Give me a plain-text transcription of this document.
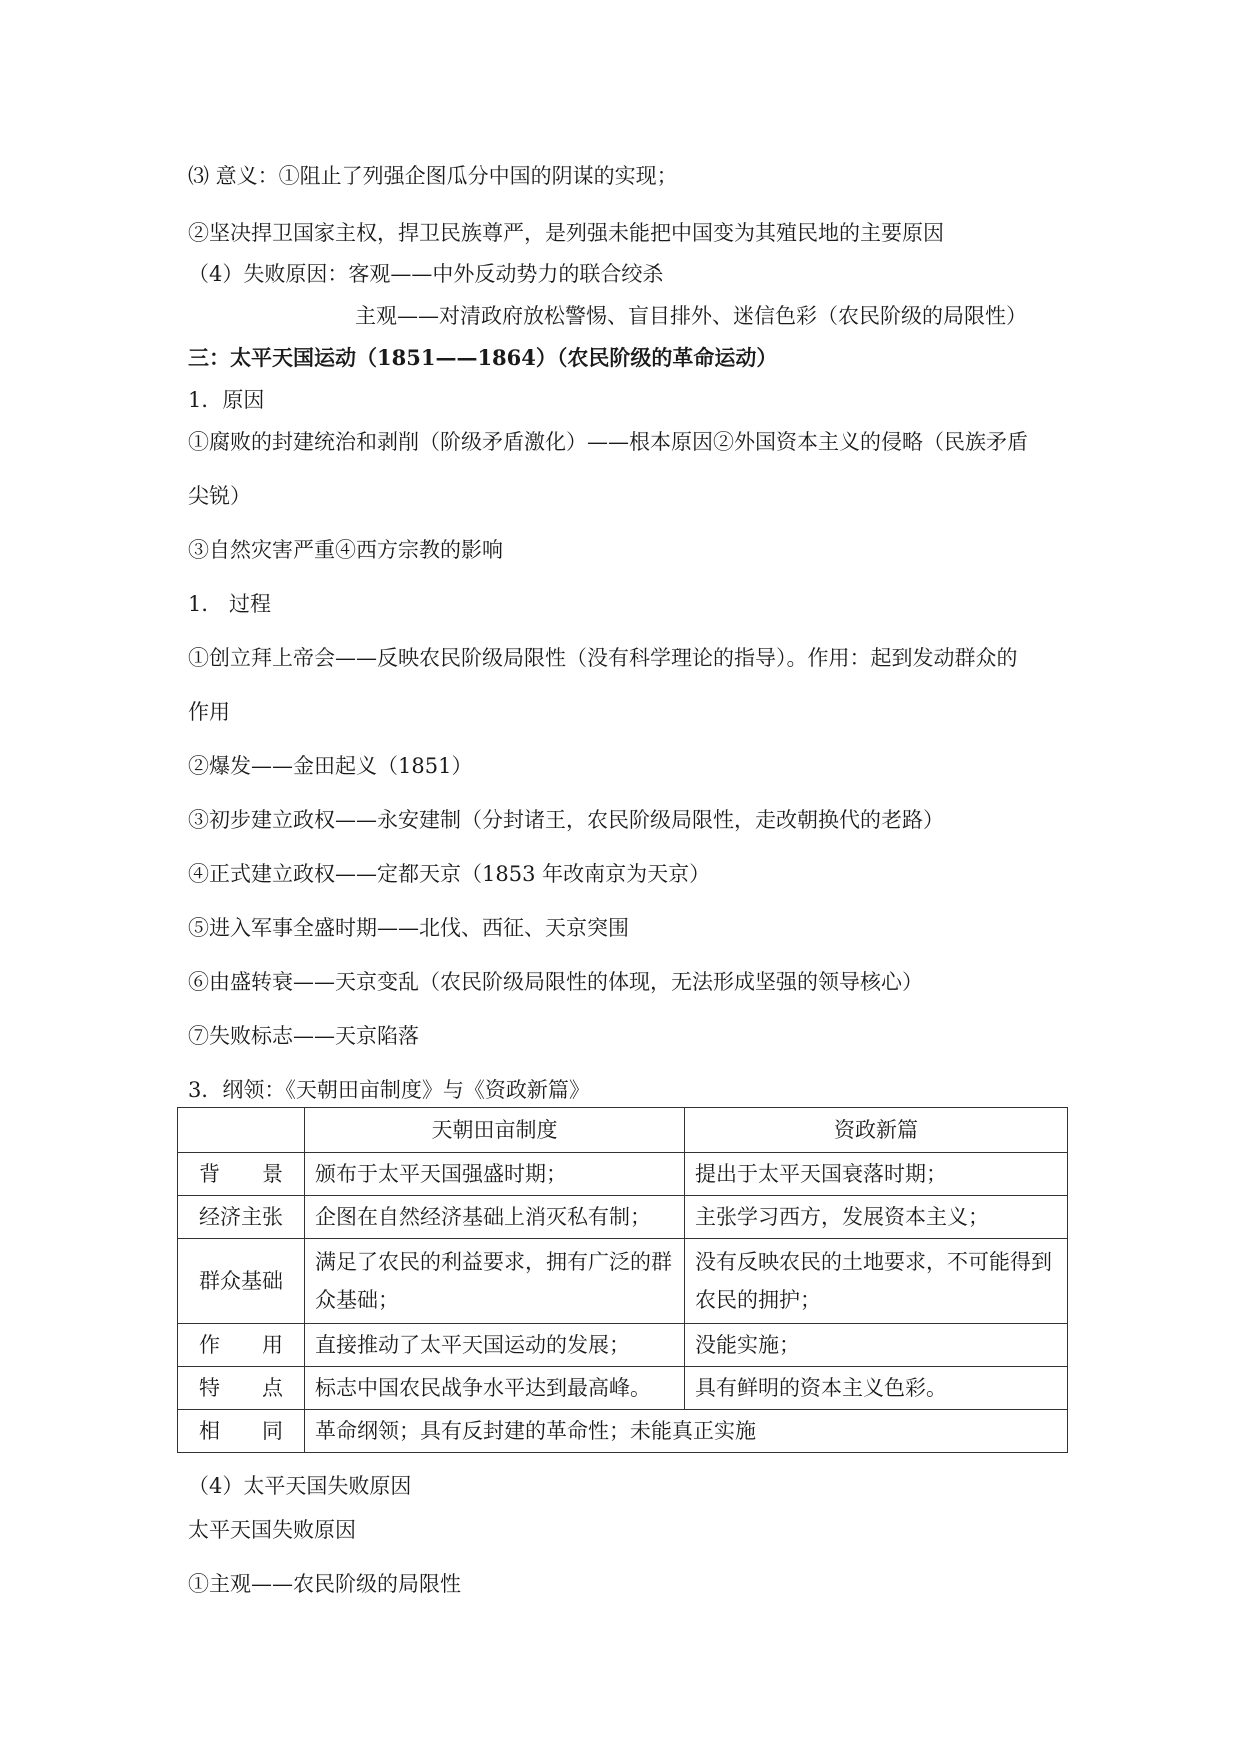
⑶ 意义：①阻止了列强企图瓜分中国的阴谋的实现；

②坚决捍卫国家主权，捍卫民族尊严，是列强未能把中国变为其殖民地的主要原因

（4）失败原因：客观——中外反动势力的联合绞杀

主观——对清政府放松警惕、盲目排外、迷信色彩（农民阶级的局限性）

三：太平天国运动（1851——1864）（农民阶级的革命运动）

1．原因

①腐败的封建统治和剥削（阶级矛盾激化）——根本原因②外国资本主义的侵略（民族矛盾

尖锐）

③自然灾害严重④西方宗教的影响

1． 过程

①创立拜上帝会——反映农民阶级局限性（没有科学理论的指导）。作用：起到发动群众的

作用

②爆发——金田起义（1851）

③初步建立政权——永安建制（分封诸王，农民阶级局限性，走改朝换代的老路）

④正式建立政权——定都天京（1853 年改南京为天京）

⑤进入军事全盛时期——北伐、西征、天京突围

⑥由盛转衰——天京变乱（农民阶级局限性的体现，无法形成坚强的领导核心）

⑦失败标志——天京陷落

3．纲领：《天朝田亩制度》与《资政新篇》

	天朝田亩制度	资政新篇
背　　景	颁布于太平天国强盛时期；	提出于太平天国衰落时期；
经济主张	企图在自然经济基础上消灭私有制；	主张学习西方，发展资本主义；
群众基础	满足了农民的利益要求，拥有广泛的群众基础；	没有反映农民的土地要求，不可能得到农民的拥护；
作　　用	直接推动了太平天国运动的发展；	没能实施；
特　　点	标志中国农民战争水平达到最高峰。	具有鲜明的资本主义色彩。
相　　同	革命纲领；具有反封建的革命性；未能真正实施	

（4）太平天国失败原因

太平天国失败原因

①主观——农民阶级的局限性
